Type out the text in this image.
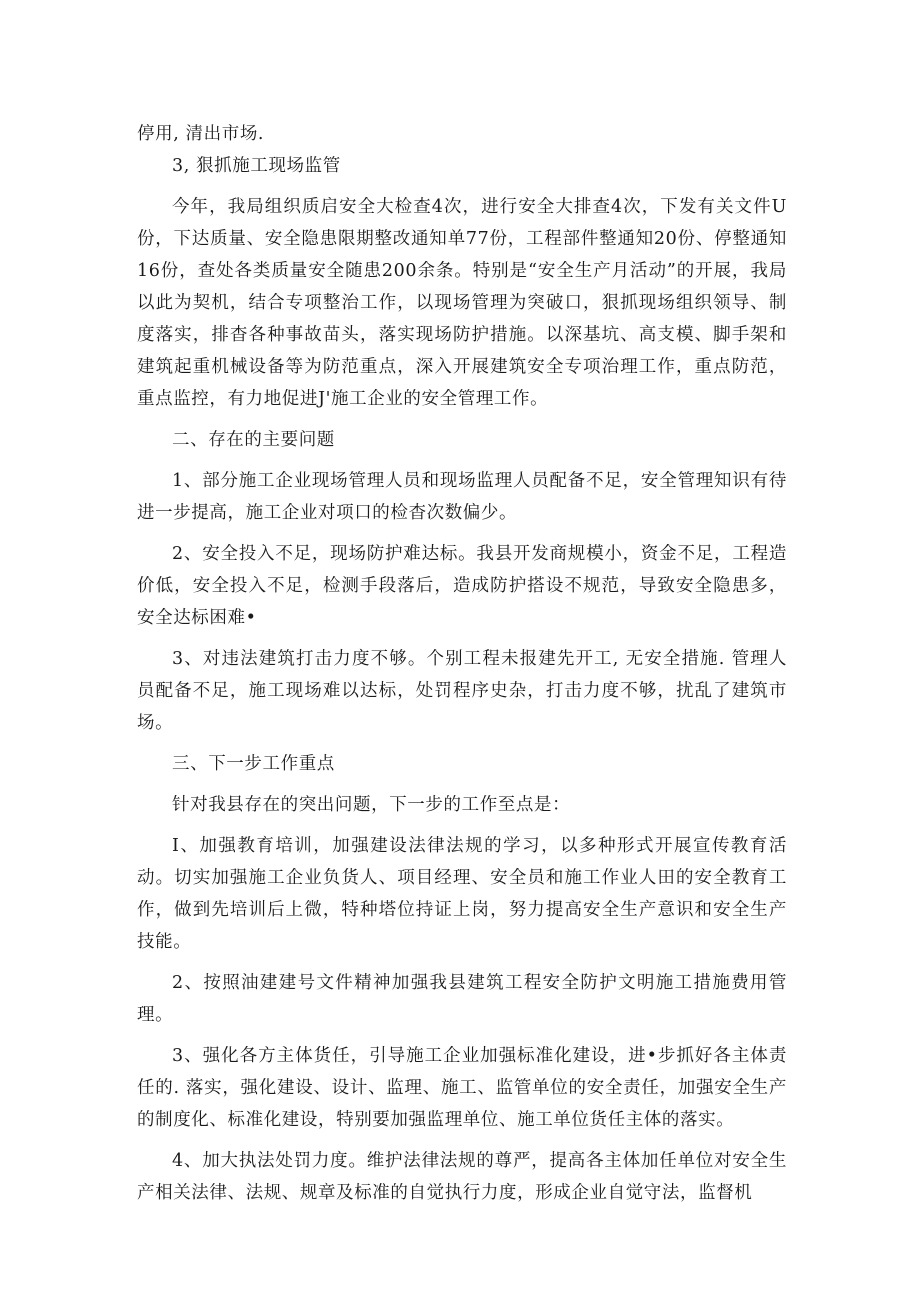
停用, 清出市场.

3, 狠抓施工现场监管

今年，我局组织质启安全大检查4次，进行安全大排查4次，下发有关文件U份，下达质量、安全隐患限期整改通知单77份，工程部件整通知20份、停整通知16份，查处各类质量安全随患200余条。特别是“安全生产月活动”的开展，我局以此为契机，结合专项整治工作，以现场管理为突破口，狠抓现场组织领导、制度落实，排杳各种事故苗头，落实现场防护措施。以深基坑、高支模、脚手架和建筑起重机械设备等为防范重点，深入开展建筑安全专项治理工作，重点防范，重点监控，有力地促进J'施工企业的安全管理工作。

二、存在的主要问题

1、部分施工企业现场管理人员和现场监理人员配备不足，安全管理知识有待进一步提高，施工企业对项口的检杳次数偏少。

2、安全投入不足，现场防护难达标。我县开发商规模小，资金不足，工程造价低，安全投入不足，检测手段落后，造成防护搭设不规范，导致安全隐患多，安全达标困难•

3、对违法建筑打击力度不够。个别工程未报建先开工, 无安全措施. 管理人员配备不足，施工现场难以达标，处罚程序史杂，打击力度不够，扰乱了建筑市场。

三、下一步工作重点

针对我县存在的突出问题，下一步的工作至点是：

I、加强教育培训，加强建设法律法规的学习，以多种形式开展宣传教育活动。切实加强施工企业负货人、项目经理、安全员和施工作业人田的安全教育工作，做到先培训后上微，特种塔位持证上岗，努力提高安全生产意识和安全生产技能。

2、按照油建建号文件精神加强我县建筑工程安全防护文明施工措施费用管理。

3、强化各方主体货任，引导施工企业加强标准化建设，进•步抓好各主体责任的. 落实，强化建设、设计、监理、施工、监管单位的安全责任，加强安全生产的制度化、标准化建设，特别要加强监理单位、施工单位货任主体的落实。

4、加大执法处罚力度。维护法律法规的尊严，提高各主体加任单位对安全生产相关法律、法规、规章及标准的自觉执行力度，形成企业自觉守法，监督机
